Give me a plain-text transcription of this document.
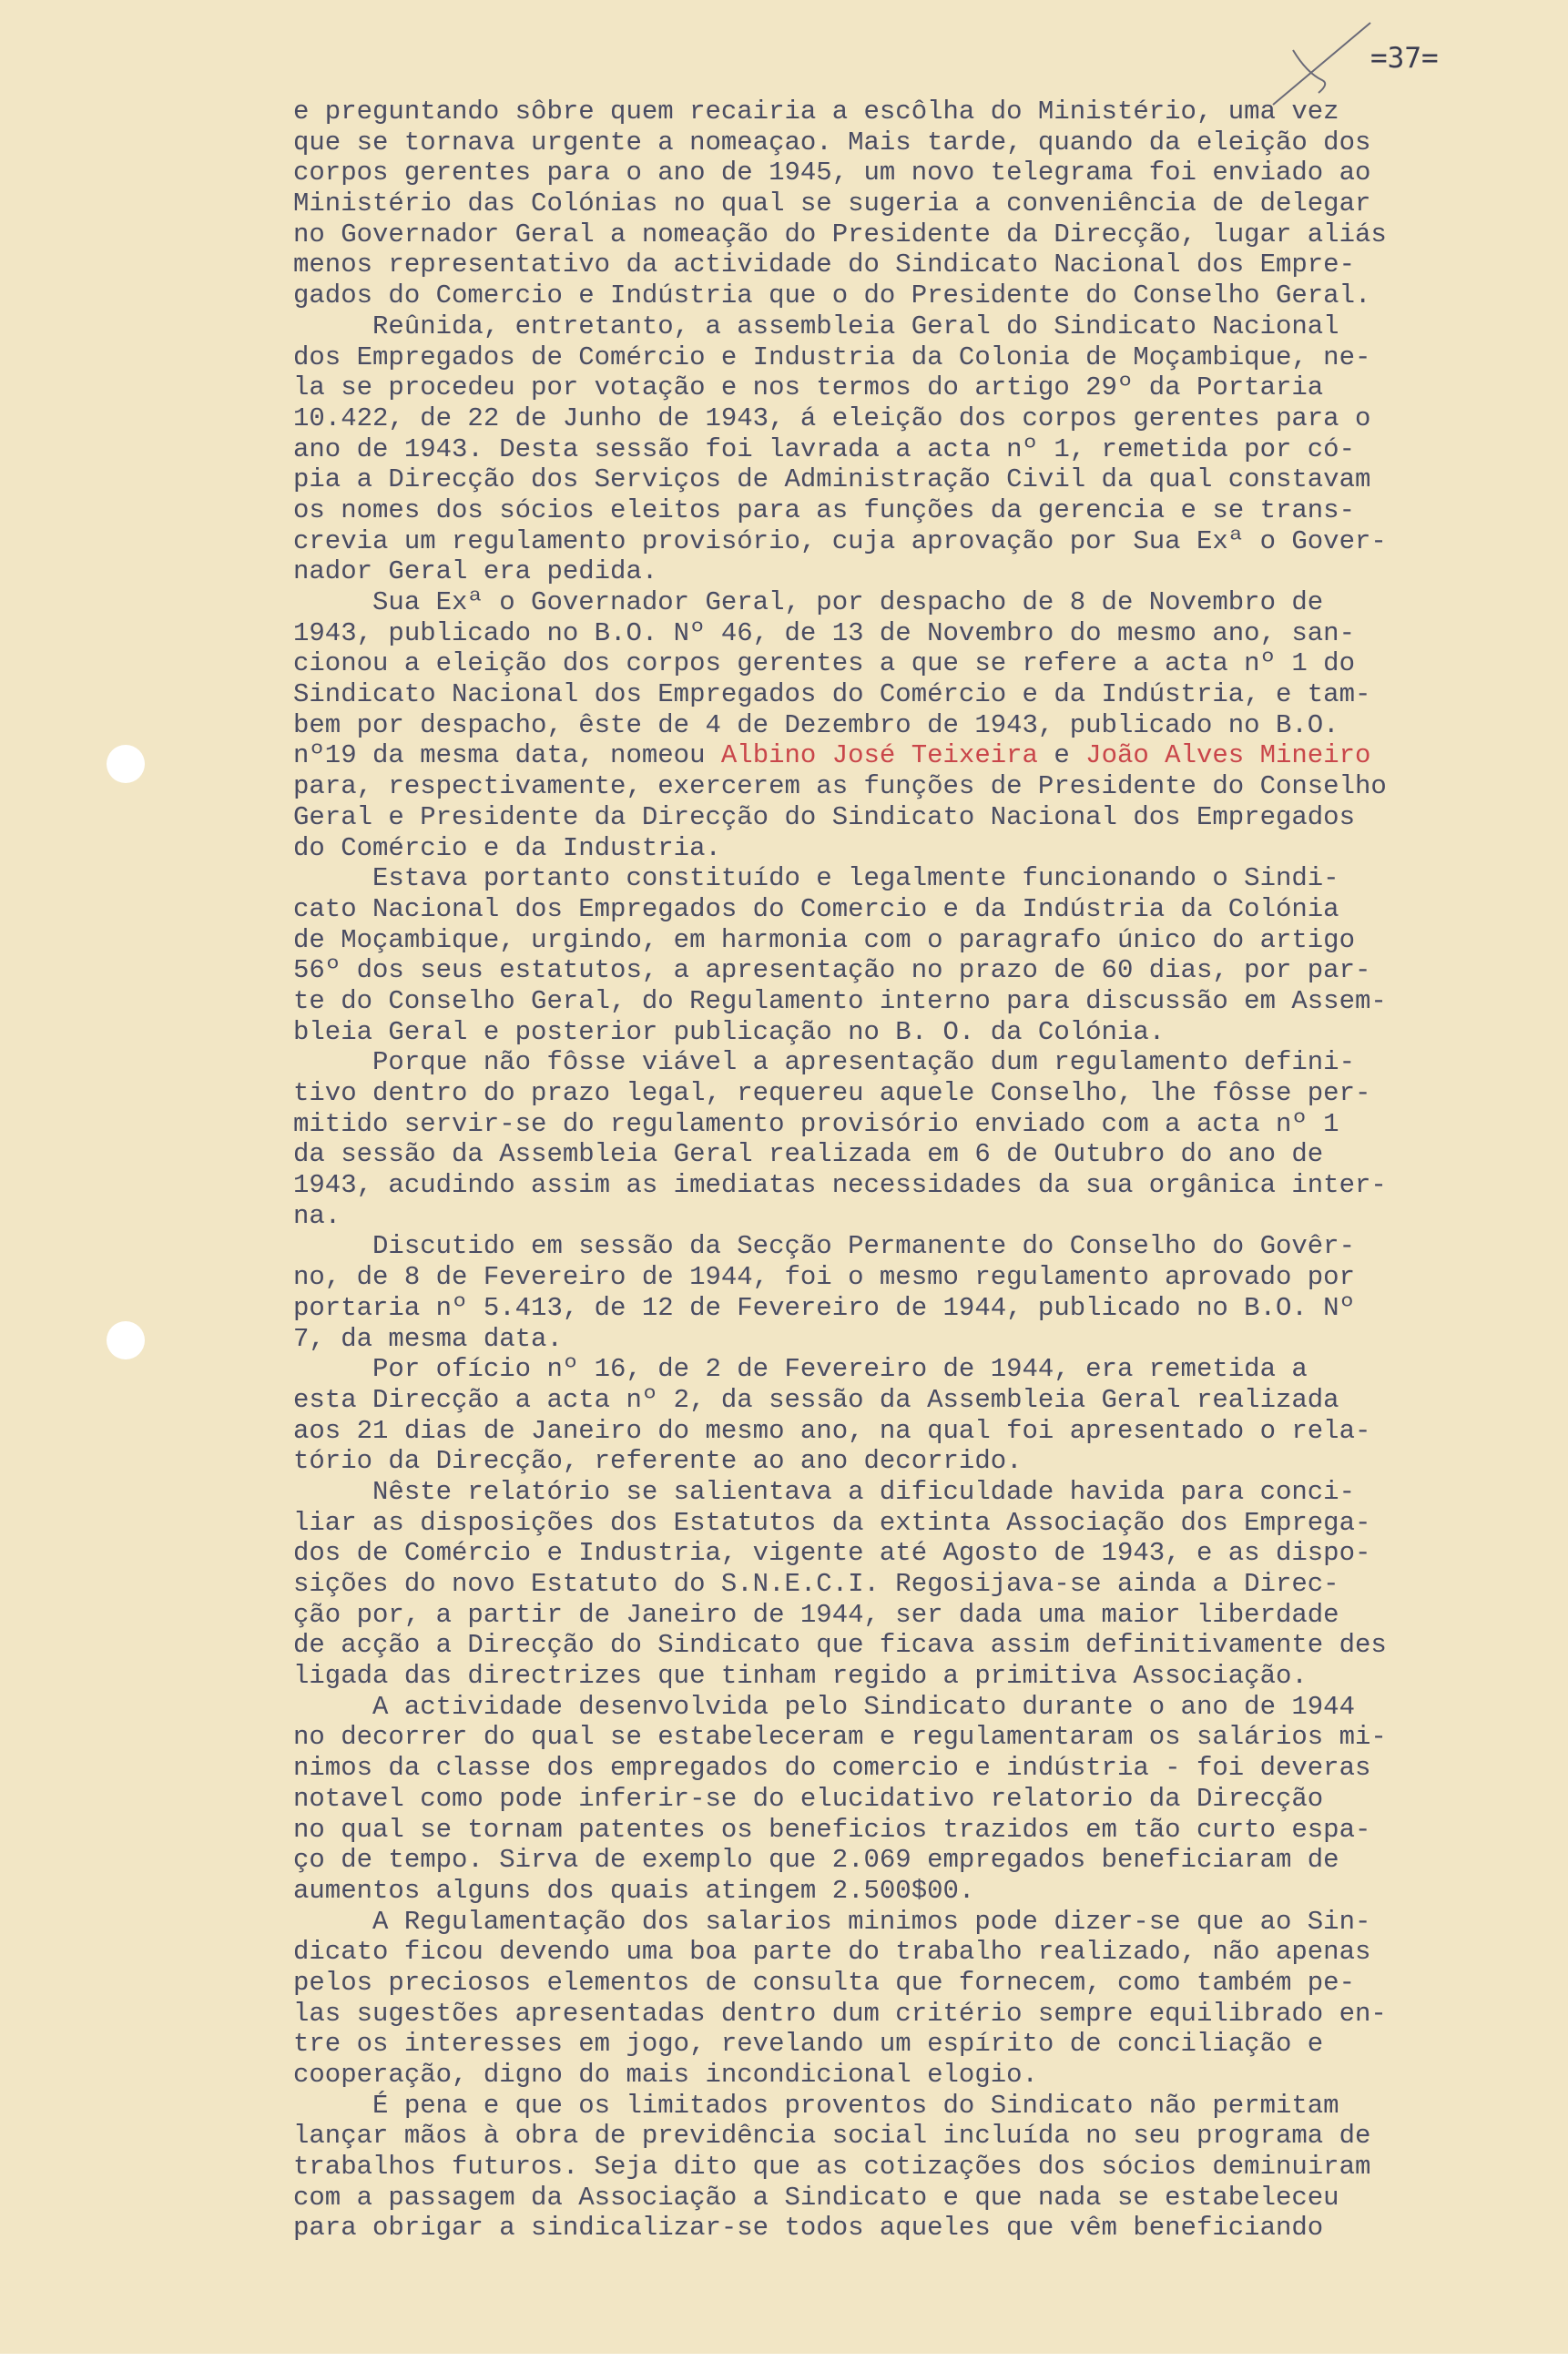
=37=
e preguntando sôbre quem recairia a escôlha do Ministério, uma vez
que se tornava urgente a nomeaçao. Mais tarde, quando da eleição dos
corpos gerentes para o ano de 1945, um novo telegrama foi enviado ao
Ministério das Colónias no qual se sugeria a conveniência de delegar
no Governador Geral a nomeação do Presidente da Direcção, lugar aliás
menos representativo da actividade do Sindicato Nacional dos Empre-
gados do Comercio e Indústria que o do Presidente do Conselho Geral.
Reûnida, entretanto, a assembleia Geral do Sindicato Nacional
dos Empregados de Comércio e Industria da Colonia de Moçambique, ne-
la se procedeu por votação e nos termos do artigo 29º da Portaria
10.422, de 22 de Junho de 1943, á eleição dos corpos gerentes para o
ano de 1943. Desta sessão foi lavrada a acta nº 1, remetida por có-
pia a Direcção dos Serviços de Administração Civil da qual constavam
os nomes dos sócios eleitos para as funções da gerencia e se trans-
crevia um regulamento provisório, cuja aprovação por Sua Exª o Gover-
nador Geral era pedida.
Sua Exª o Governador Geral, por despacho de 8 de Novembro de
1943, publicado no B.O. Nº 46, de 13 de Novembro do mesmo ano, san-
cionou a eleição dos corpos gerentes a que se refere a acta nº 1 do
Sindicato Nacional dos Empregados do Comércio e da Indústria, e tam-
bem por despacho, êste de 4 de Dezembro de 1943, publicado no B.O.
nº19 da mesma data, nomeou Albino José Teixeira e João Alves Mineiro
para, respectivamente, exercerem as funções de Presidente do Conselho
Geral e Presidente da Direcção do Sindicato Nacional dos Empregados
do Comércio e da Industria.
Estava portanto constituído e legalmente funcionando o Sindi-
cato Nacional dos Empregados do Comercio e da Indústria da Colónia
de Moçambique, urgindo, em harmonia com o paragrafo único do artigo
56º dos seus estatutos, a apresentação no prazo de 60 dias, por par-
te do Conselho Geral, do Regulamento interno para discussão em Assem-
bleia Geral e posterior publicação no B. O. da Colónia.
Porque não fôsse viável a apresentação dum regulamento defini-
tivo dentro do prazo legal, requereu aquele Conselho, lhe fôsse per-
mitido servir-se do regulamento provisório enviado com a acta nº 1
da sessão da Assembleia Geral realizada em 6 de Outubro do ano de
1943, acudindo assim as imediatas necessidades da sua orgânica inter-
na.
Discutido em sessão da Secção Permanente do Conselho do Govêr-
no, de 8 de Fevereiro de 1944, foi o mesmo regulamento aprovado por
portaria nº 5.413, de 12 de Fevereiro de 1944, publicado no B.O. Nº
7, da mesma data.
Por ofício nº 16, de 2 de Fevereiro de 1944, era remetida a
esta Direcção a acta nº 2, da sessão da Assembleia Geral realizada
aos 21 dias de Janeiro do mesmo ano, na qual foi apresentado o rela-
tório da Direcção, referente ao ano decorrido.
Nêste relatório se salientava a dificuldade havida para conci-
liar as disposições dos Estatutos da extinta Associação dos Emprega-
dos de Comércio e Industria, vigente até Agosto de 1943, e as dispo-
sições do novo Estatuto do S.N.E.C.I. Regosijava-se ainda a Direc-
ção por, a partir de Janeiro de 1944, ser dada uma maior liberdade
de acção a Direcção do Sindicato que ficava assim definitivamente des
ligada das directrizes que tinham regido a primitiva Associação.
A actividade desenvolvida pelo Sindicato durante o ano de 1944
no decorrer do qual se estabeleceram e regulamentaram os salários mi-
nimos da classe dos empregados do comercio e indústria - foi deveras
notavel como pode inferir-se do elucidativo relatorio da Direcção
no qual se tornam patentes os beneficios trazidos em tão curto espa-
ço de tempo. Sirva de exemplo que 2.069 empregados beneficiaram de
aumentos alguns dos quais atingem 2.500$00.
A Regulamentação dos salarios minimos pode dizer-se que ao Sin-
dicato ficou devendo uma boa parte do trabalho realizado, não apenas
pelos preciosos elementos de consulta que fornecem, como também pe-
las sugestões apresentadas dentro dum critério sempre equilibrado en-
tre os interesses em jogo, revelando um espírito de conciliação e
cooperação, digno do mais incondicional elogio.
É pena e que os limitados proventos do Sindicato não permitam
lançar mãos à obra de previdência social incluída no seu programa de
trabalhos futuros. Seja dito que as cotizações dos sócios deminuiram
com a passagem da Associação a Sindicato e que nada se estabeleceu
para obrigar a sindicalizar-se todos aqueles que vêm beneficiando
